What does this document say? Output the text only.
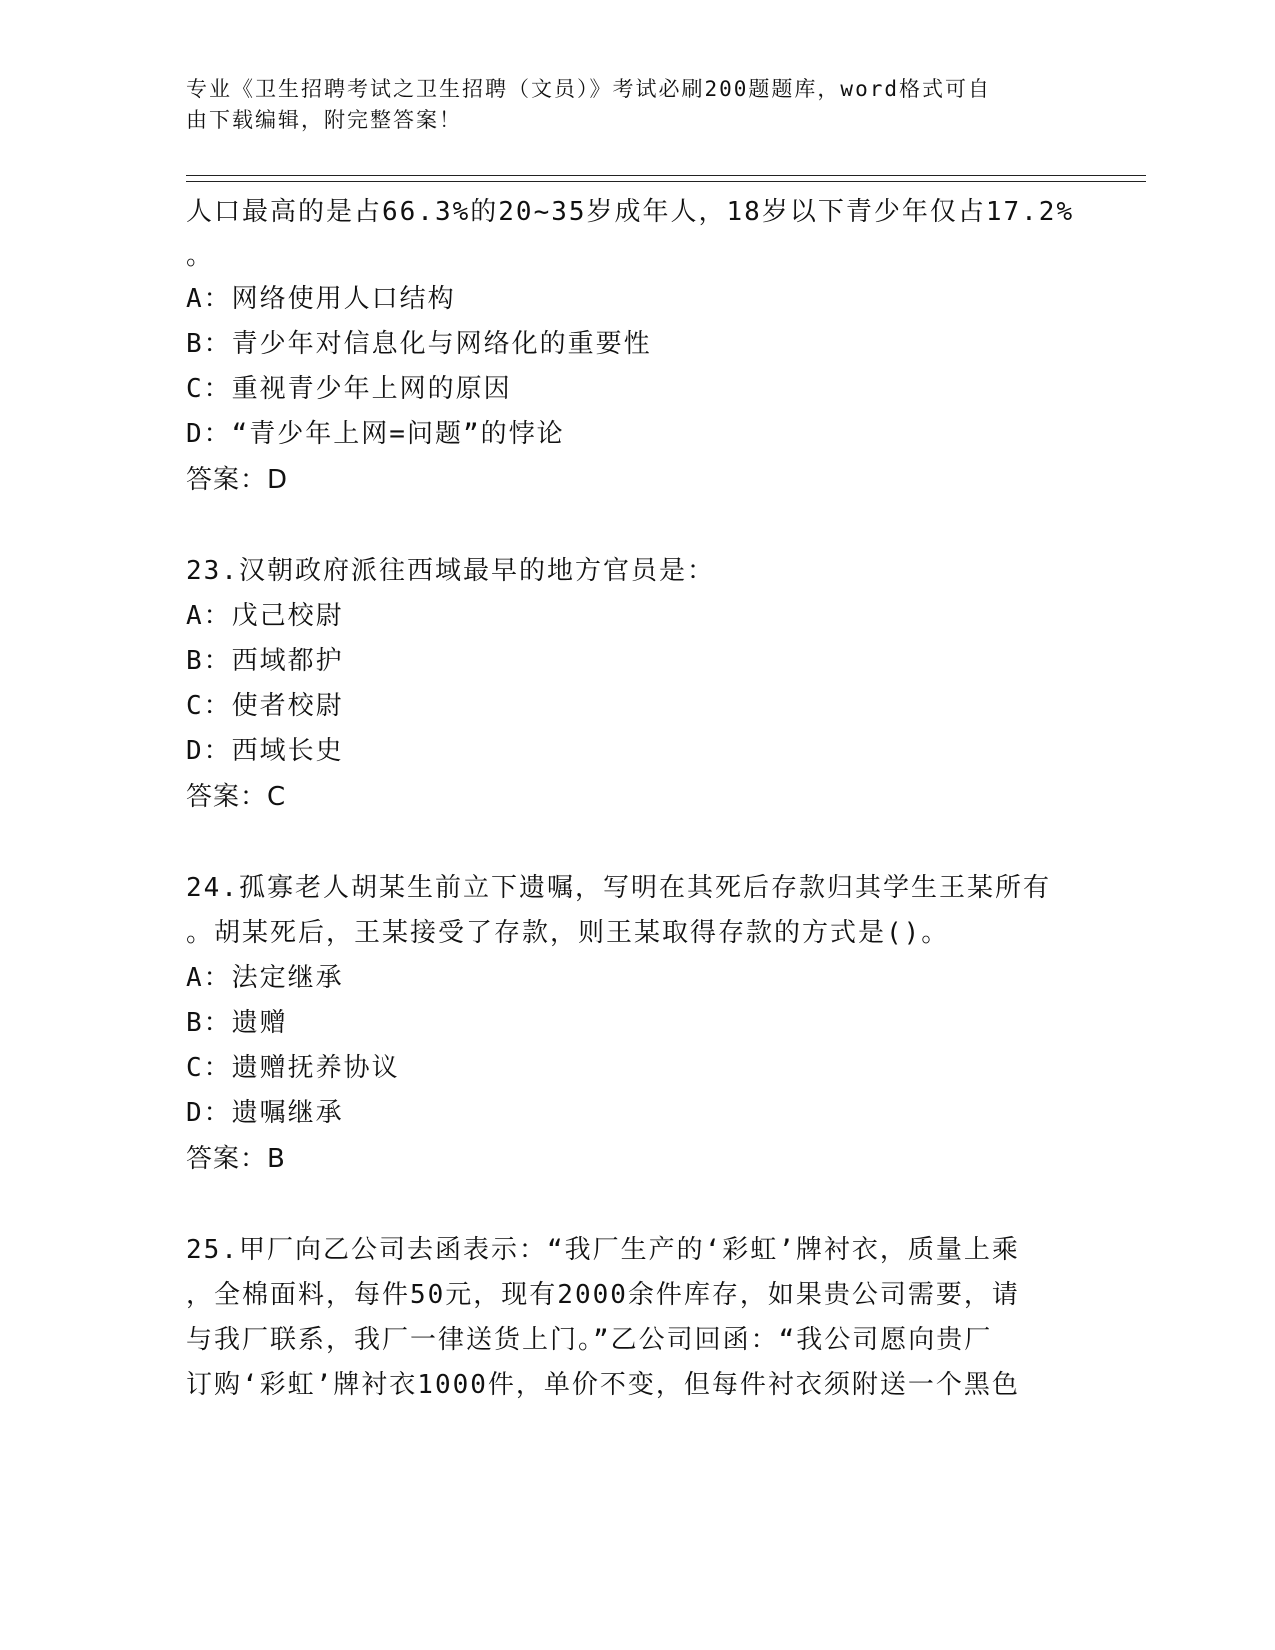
专业《卫生招聘考试之卫生招聘（文员）》考试必刷200题题库，word格式可自
由下载编辑，附完整答案！
人口最高的是占66.3%的20~35岁成年人，18岁以下青少年仅占17.2%
。
A：网络使用人口结构
B：青少年对信息化与网络化的重要性
C：重视青少年上网的原因
D：“青少年上网=问题”的悖论
答案：D
23.汉朝政府派往西域最早的地方官员是：
A：戊己校尉
B：西域都护
C：使者校尉
D：西域长史
答案：C
24.孤寡老人胡某生前立下遗嘱，写明在其死后存款归其学生王某所有
。胡某死后，王某接受了存款，则王某取得存款的方式是()。
A：法定继承
B：遗赠
C：遗赠抚养协议
D：遗嘱继承
答案：B
25.甲厂向乙公司去函表示：“我厂生产的‘彩虹’牌衬衣，质量上乘
，全棉面料，每件50元，现有2000余件库存，如果贵公司需要，请
与我厂联系，我厂一律送货上门。”乙公司回函：“我公司愿向贵厂
订购‘彩虹’牌衬衣1000件，单价不变，但每件衬衣须附送一个黑色
